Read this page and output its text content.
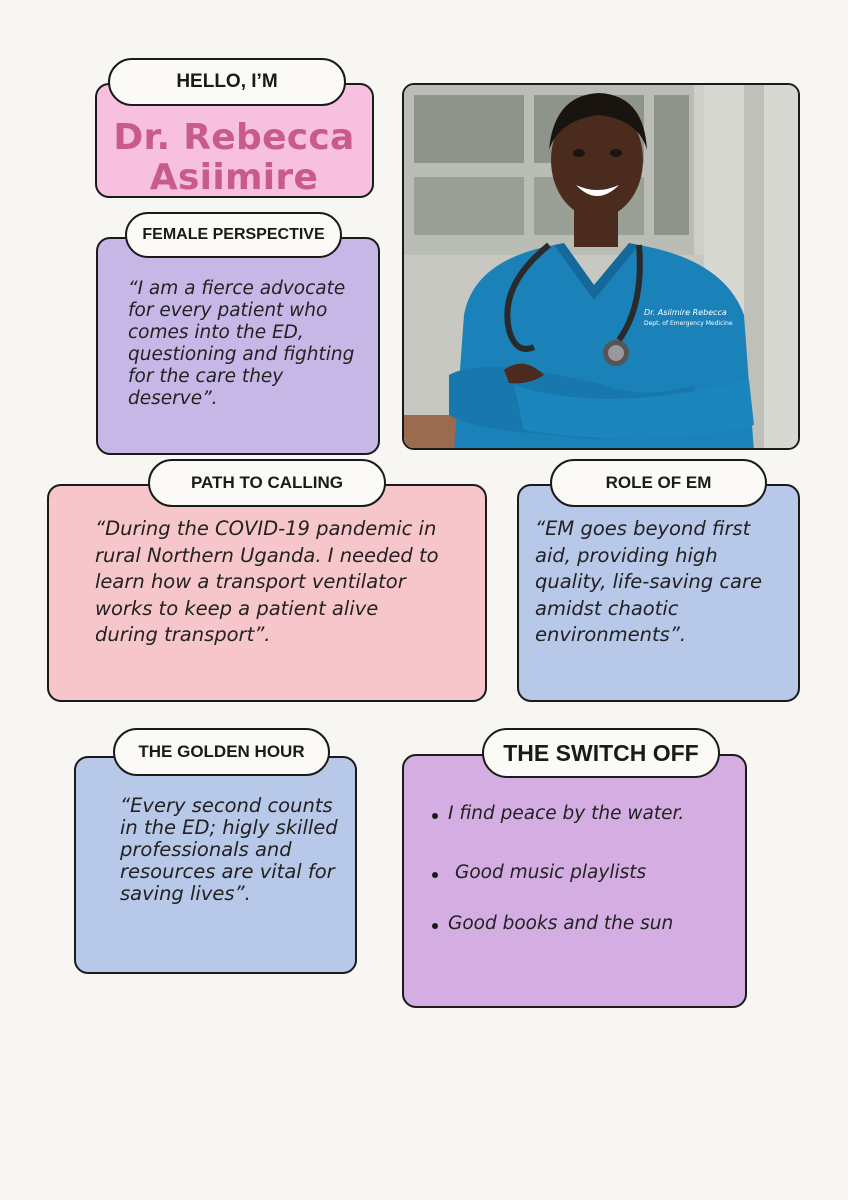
HELLO, I’M
Dr. Rebecca
Asiimire
Dr. Asiimire Rebecca
Dept. of Emergency Medicine
FEMALE PERSPECTIVE
“I am a fierce advocate
for every patient who
comes into the ED,
questioning and fighting
for the care they
deserve”.
PATH TO CALLING
“During the COVID-19 pandemic in
rural Northern Uganda. I needed to
learn how a transport ventilator
works to keep a patient alive
during transport”.
ROLE OF EM
“EM goes beyond first
aid, providing high
quality, life-saving care
amidst chaotic
environments”.
THE GOLDEN HOUR
“Every second counts
in the ED; higly skilled
professionals and
resources are vital for
saving lives”.
THE SWITCH OFF
I find peace by the water.
Good music playlists
Good books and the sun
